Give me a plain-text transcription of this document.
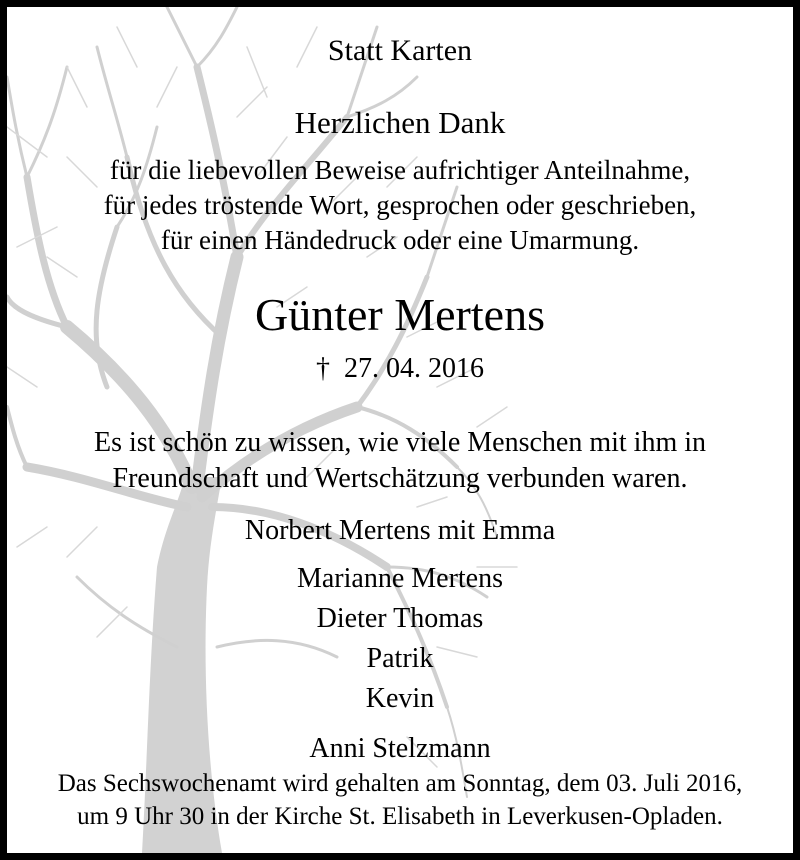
Statt Karten
Herzlichen Dank
für die liebevollen Beweise aufrichtiger Anteilnahme,
für jedes tröstende Wort, gesprochen oder geschrieben,
für einen Händedruck oder eine Umarmung.
Günter Mertens
† 27. 04. 2016
Es ist schön zu wissen, wie viele Menschen mit ihm in
Freundschaft und Wertschätzung verbunden waren.
Norbert Mertens mit Emma
Marianne Mertens
Dieter Thomas
Patrik
Kevin
Anni Stelzmann
Das Sechswochenamt wird gehalten am Sonntag, dem 03. Juli 2016,
um 9 Uhr 30 in der Kirche St. Elisabeth in Leverkusen-Opladen.
